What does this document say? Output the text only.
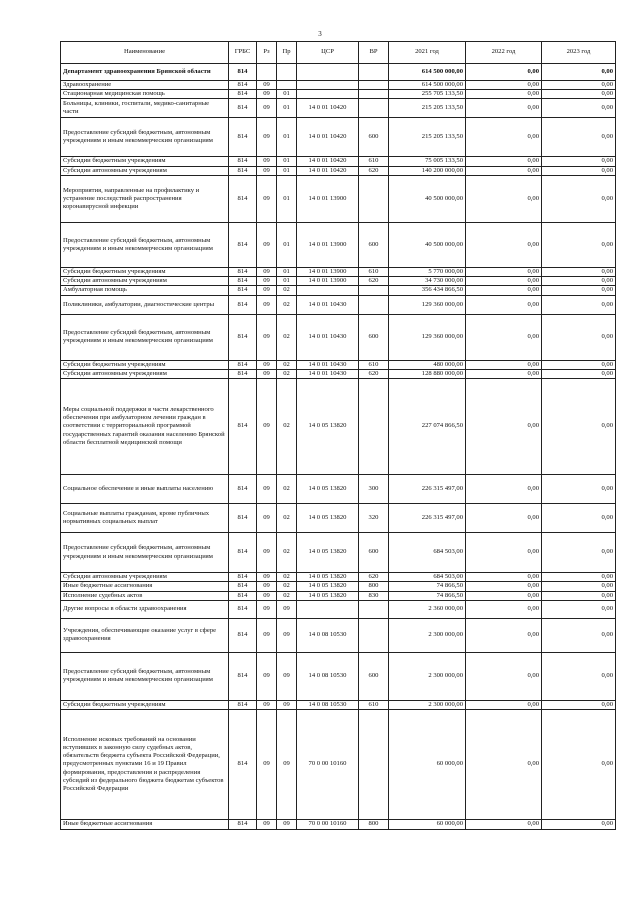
3
Наименование	ГРБС	Рз	Пр	ЦСР	ВР	2021 год	2022 год	2023 год
Департамент здравоохранения Брянской области	814					614 500 000,00	0,00	0,00
Здравоохранение	814	09				614 500 000,00	0,00	0,00
Стационарная медицинская помощь	814	09	01			255 705 133,50	0,00	0,00
Больницы, клиники, госпитали, медико-санитарные части	814	09	01	14 0 01 10420		215 205 133,50	0,00	0,00
Предоставление субсидий бюджетным, автономным учреждениям и иным некоммерческим организациям	814	09	01	14 0 01 10420	600	215 205 133,50	0,00	0,00
Субсидии бюджетным учреждениям	814	09	01	14 0 01 10420	610	75 005 133,50	0,00	0,00
Субсидии автономным учреждениям	814	09	01	14 0 01 10420	620	140 200 000,00	0,00	0,00
Мероприятия, направленные на профилактику и устранение последствий распространения коронавирусной инфекции	814	09	01	14 0 01 13900		40 500 000,00	0,00	0,00
Предоставление субсидий бюджетным, автономным учреждениям и иным некоммерческим организациям	814	09	01	14 0 01 13900	600	40 500 000,00	0,00	0,00
Субсидии бюджетным учреждениям	814	09	01	14 0 01 13900	610	5 770 000,00	0,00	0,00
Субсидии автономным учреждениям	814	09	01	14 0 01 13900	620	34 730 000,00	0,00	0,00
Амбулаторная помощь	814	09	02			356 434 866,50	0,00	0,00
Поликлиники, амбулатории, диагностические центры	814	09	02	14 0 01 10430		129 360 000,00	0,00	0,00
Предоставление субсидий бюджетным, автономным учреждениям и иным некоммерческим организациям	814	09	02	14 0 01 10430	600	129 360 000,00	0,00	0,00
Субсидии бюджетным учреждениям	814	09	02	14 0 01 10430	610	480 000,00	0,00	0,00
Субсидии автономным учреждениям	814	09	02	14 0 01 10430	620	128 880 000,00	0,00	0,00
Меры социальной поддержки в части лекарственного обеспечения при амбулаторном лечении граждан в соответствии с территориальной программой государственных гарантий оказания населению Брянской области бесплатной медицинской помощи	814	09	02	14 0 05 13820		227 074 866,50	0,00	0,00
Социальное обеспечение и иные выплаты населению	814	09	02	14 0 05 13820	300	226 315 497,00	0,00	0,00
Социальные выплаты гражданам, кроме публичных нормативных социальных выплат	814	09	02	14 0 05 13820	320	226 315 497,00	0,00	0,00
Предоставление субсидий бюджетным, автономным учреждениям и иным некоммерческим организациям	814	09	02	14 0 05 13820	600	684 503,00	0,00	0,00
Субсидии автономным учреждениям	814	09	02	14 0 05 13820	620	684 503,00	0,00	0,00
Иные бюджетные ассигнования	814	09	02	14 0 05 13820	800	74 866,50	0,00	0,00
Исполнение судебных актов	814	09	02	14 0 05 13820	830	74 866,50	0,00	0,00
Другие вопросы в области здравоохранения	814	09	09			2 360 000,00	0,00	0,00
Учреждения, обеспечивающие оказание услуг в сфере здравоохранения	814	09	09	14 0 08 10530		2 300 000,00	0,00	0,00
Предоставление субсидий бюджетным, автономным учреждениям и иным некоммерческим организациям	814	09	09	14 0 08 10530	600	2 300 000,00	0,00	0,00
Субсидии бюджетным учреждениям	814	09	09	14 0 08 10530	610	2 300 000,00	0,00	0,00
Исполнение исковых требований на основании вступивших в законную силу судебных актов, обязательств бюджета субъекта Российской Федерации, предусмотренных пунктами 16 и 19 Правил формирования, предоставления и распределения субсидий из федерального бюджета бюджетам субъектов Российской Федерации	814	09	09	70 0 00 10160		60 000,00	0,00	0,00
Иные бюджетные ассигнования	814	09	09	70 0 00 10160	800	60 000,00	0,00	0,00
